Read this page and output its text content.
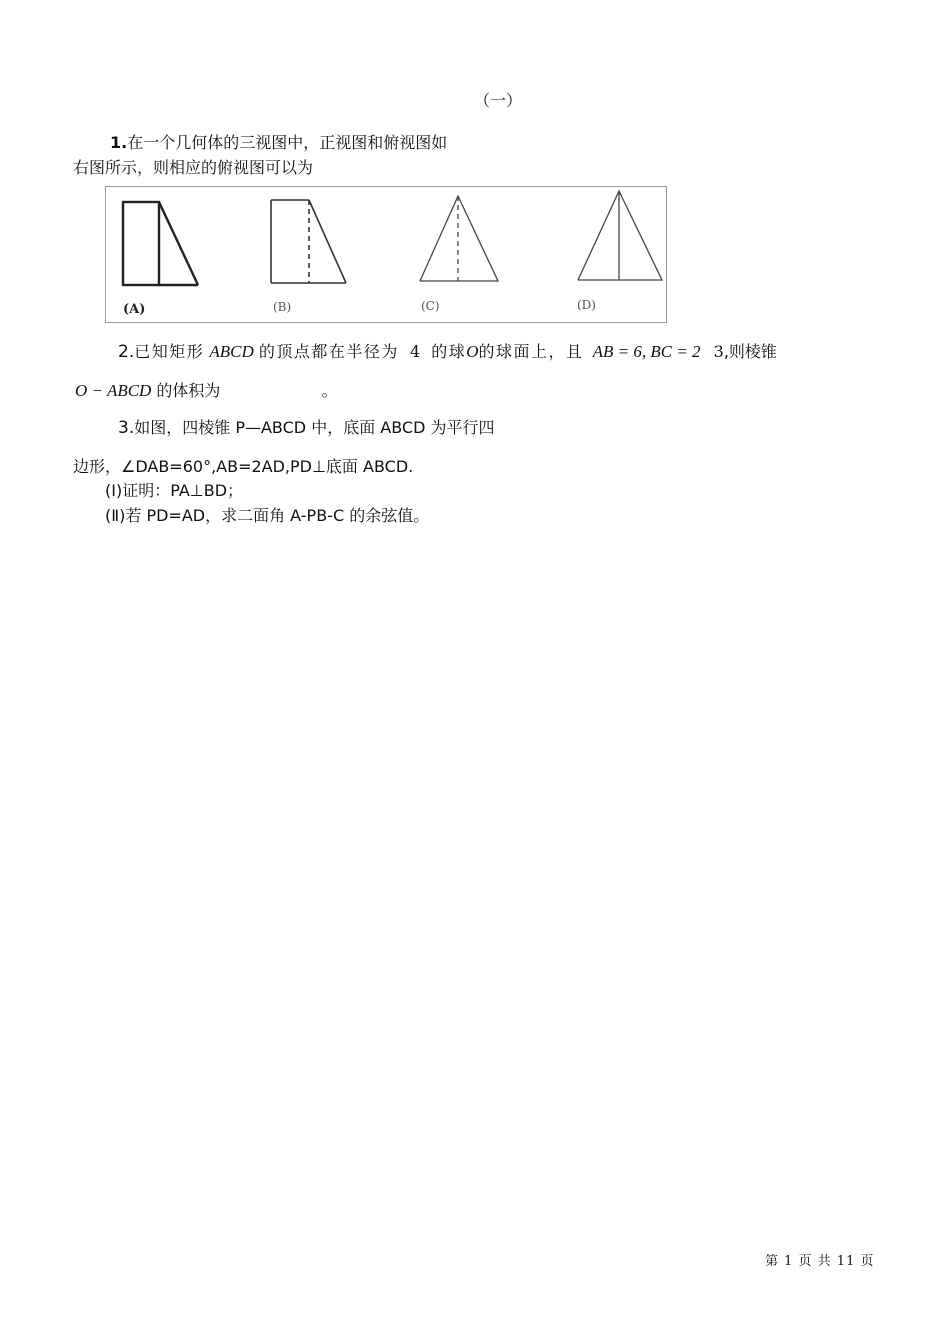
（一）
1.在一个几何体的三视图中，正视图和俯视图如
右图所示，则相应的俯视图可以为
(A)	(B)	(C)	(D)
2.已知矩形 ABCD 的顶点都在半径为 4 的球O的球面上，且 AB = 6, BC = 2 3,则棱锥
O − ABCD 的体积为	。
3.如图，四棱锥 P—ABCD 中，底面 ABCD 为平行四
边形，∠DAB=60°,AB=2AD,PD⊥底面 ABCD.
(Ⅰ)证明：PA⊥BD；
(Ⅱ)若 PD=AD，求二面角 A-PB-C 的余弦值。
第 1 页 共 11 页
